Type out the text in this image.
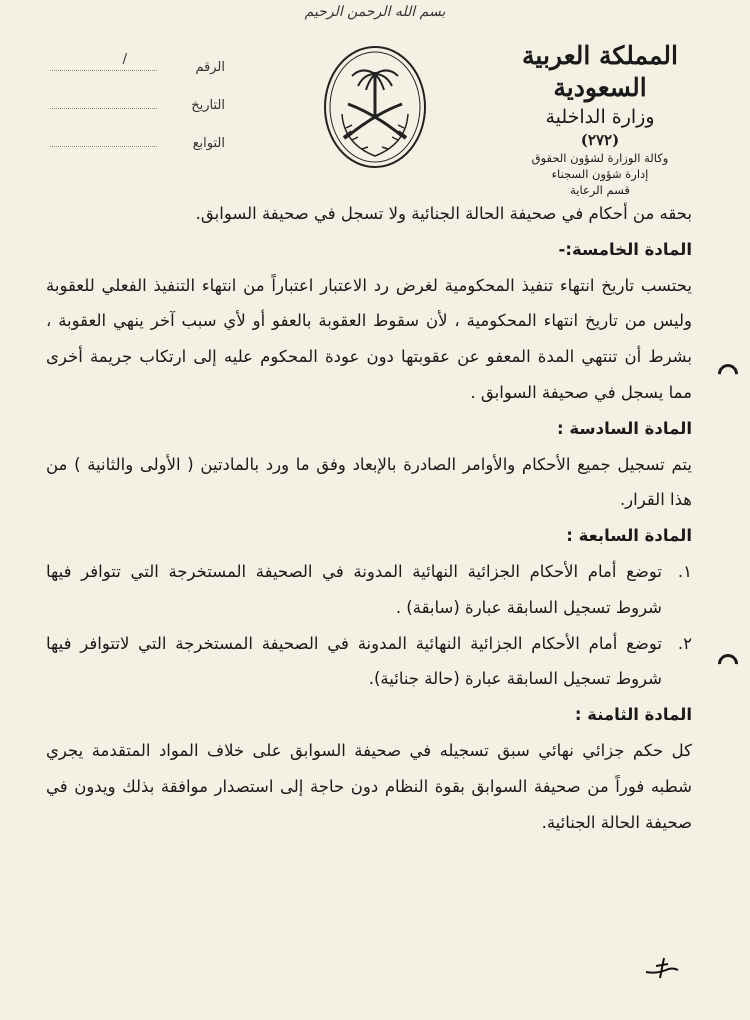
بسم الله الرحمن الرحيم
المملكة العربية السعودية
وزارة الداخلية
(٢٧٢)
وكالة الوزارة لشؤون الحقوق
إدارة شؤون السجناء
قسم الرعاية
الرقم
/
التاريخ
التوابع

بحقه من أحكام في صحيفة الحالة الجنائية ولا تسجل في صحيفة السوابق.

المادة الخامسة:-

يحتسب تاريخ انتهاء تنفيذ المحكومية لغرض رد الاعتبار اعتباراً من انتهاء التنفيذ الفعلي للعقوبة وليس من تاريخ انتهاء المحكومية ، لأن سقوط العقوبة بالعفو أو لأي سبب آخر ينهي العقوبة ، بشرط أن تنتهي المدة المعفو عن عقوبتها دون عودة المحكوم عليه إلى ارتكاب جريمة أخرى مما يسجل في صحيفة السوابق .

المادة السادسة :

يتم تسجيل جميع الأحكام والأوامر الصادرة بالإبعاد وفق ما ورد بالمادتين ( الأولى والثانية ) من هذا القرار.

المادة السابعة :

١.
توضع أمام الأحكام الجزائية النهائية المدونة في الصحيفة المستخرجة التي تتوافر فيها شروط تسجيل السابقة عبارة (سابقة) .
٢.
توضع أمام الأحكام الجزائية النهائية المدونة في الصحيفة المستخرجة التي لاتتوافر فيها شروط تسجيل السابقة عبارة (حالة جنائية).

المادة الثامنة :

كل حكم جزائي نهائي سبق تسجيله في صحيفة السوابق على خلاف المواد المتقدمة يجري شطبه فوراً من صحيفة السوابق بقوة النظام دون حاجة إلى استصدار موافقة بذلك ويدون في صحيفة الحالة الجنائية.
